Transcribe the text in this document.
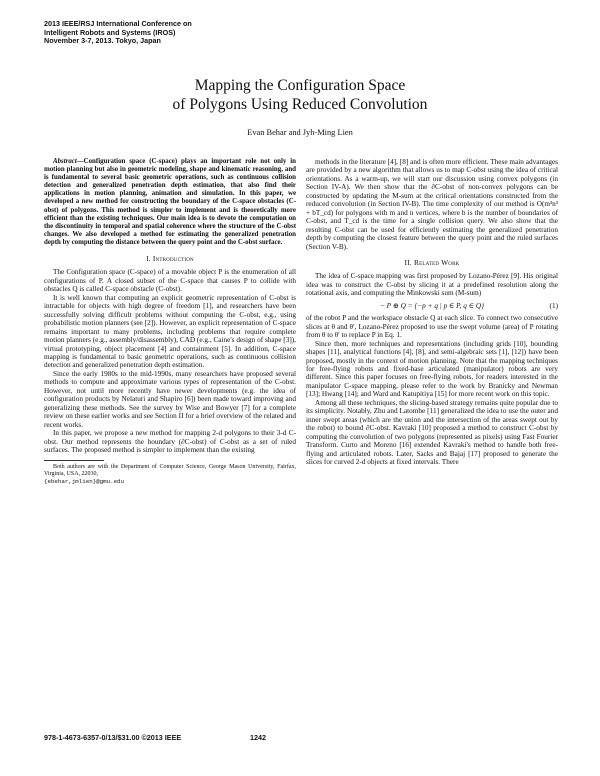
2013 IEEE/RSJ International Conference on
Intelligent Robots and Systems (IROS)
November 3-7, 2013. Tokyo, Japan
Mapping the Configuration Space
of Polygons Using Reduced Convolution
Evan Behar and Jyh-Ming Lien

Abstract—Configuration space (C-space) plays an important role not only in motion planning but also in geometric modeling, shape and kinematic reasoning, and is fundamental to several basic geometric operations, such as continuous collision detection and generalized penetration depth estimation, that also find their applications in motion planning, animation and simulation. In this paper, we developed a new method for constructing the boundary of the C-space obstacles (C-obst) of polygons. This method is simpler to implement and is theoretically more efficient than the existing techniques. Our main idea is to devote the computation on the discontinuity in temporal and spatial coherence where the structure of the C-obst changes. We also developed a method for estimating the generalized penetration depth by computing the distance between the query point and the C-obst surface.

I. Introduction

The Configuration space (C-space) of a movable object P is the enumeration of all configurations of P. A closed subset of the C-space that causes P to collide with obstacles Q is called C-space obstacle (C-obst).

It is well known that computing an explicit geometric representation of C-obst is intractable for objects with high degree of freedom [1], and researchers have been successfully solving difficult problems without computing the C-obst, e.g., using probabilistic motion planners (see [2]). However, an explicit representation of C-space remains important to many problems, including problems that require complete motion planners (e.g., assembly/disassembly), CAD (e.g., Caine's design of shape [3]), virtual prototyping, object placement [4] and containment [5]. In addition, C-space mapping is fundamental to basic geometric operations, such as continuous collision detection and generalized penetration depth estimation.

Since the early 1980s to the mid-1990s, many researchers have proposed several methods to compute and approximate various types of representation of the C-obst. However, not until more recently have newer developments (e.g. the idea of configuration products by Nelaturi and Shapiro [6]) been made toward improving and generalizing these methods. See the survey by Wise and Bowyer [7] for a complete review on these earlier works and see Section II for a brief overview of the related and recent works.

In this paper, we propose a new method for mapping 2-d polygons to their 3-d C-obst. Our method represents the boundary (∂C-obst) of C-obst as a set of ruled surfaces. The proposed method is simpler to implement than the existing

Both authors are with the Department of Computer Science, George Mason University, Fairfax, Virginia, USA, 22030,
{ebehar,jmlien}@gmu.edu

methods in the literature [4], [8] and is often more efficient. These main advantages are provided by a new algorithm that allows us to map C-obst using the idea of critical orientations. As a warm-up, we will start our discussion using convex polygons (in Section IV-A). We then show that the ∂C-obst of non-convex polygons can be constructed by updating the M-sum at the critical orientations constructed from the reduced convolution (in Section IV-B). The time complexity of our method is O(m³n³ + bT_cd) for polygons with m and n vertices, where b is the number of boundaries of C-obst, and T_cd is the time for a single collision query. We also show that the resulting C-obst can be used for efficiently estimating the generalized penetration depth by computing the closest feature between the query point and the ruled surfaces (Section V-B).

II. Related Work

The idea of C-space mapping was first proposed by Lozano-Pérez [9]. His original idea was to construct the C-obst by slicing it at a predefined resolution along the rotational axis, and computing the Minkowski sum (M-sum)

− P ⊕ Q = {−p + q | p ∈ P, q ∈ Q}	(1)

of the robot P and the workspace obstacle Q at each slice. To connect two consecutive slices at θ and θ′, Lozano-Pérez proposed to use the swept volume (area) of P rotating from θ to θ′ to replace P in Eq. 1.

Since then, more techniques and representations (including grids [10], bounding shapes [11], analytical functions [4], [8], and semi-algebraic sets [1], [12]) have been proposed, mostly in the context of motion planning. Note that the mapping techniques for free-flying robots and fixed-base articulated (manipulator) robots are very different. Since this paper focuses on free-flying robots, for readers interested in the manipulator C-space mapping, please refer to the work by Branicky and Newman [13]; Hwang [14]; and Ward and Katupitiya [15] for more recent work on this topic.

Among all these techniques, the slicing-based strategy remains quite popular due to its simplicity. Notably, Zhu and Latombe [11] generalized the idea to use the outer and inner swept areas (which are the union and the intersection of the areas swept out by the robot) to bound ∂C-obst. Kavraki [10] proposed a method to construct C-obst by computing the convolution of two polygons (represented as pixels) using Fast Fourier Transform. Curto and Moreno [16] extended Kavraki's method to handle both free-flying and articulated robots. Later, Sacks and Bajaj [17] proposed to generate the slices for curved 2-d objects at fixed intervals. There

978-1-4673-6357-0/13/$31.00 ©2013 IEEE	1242
